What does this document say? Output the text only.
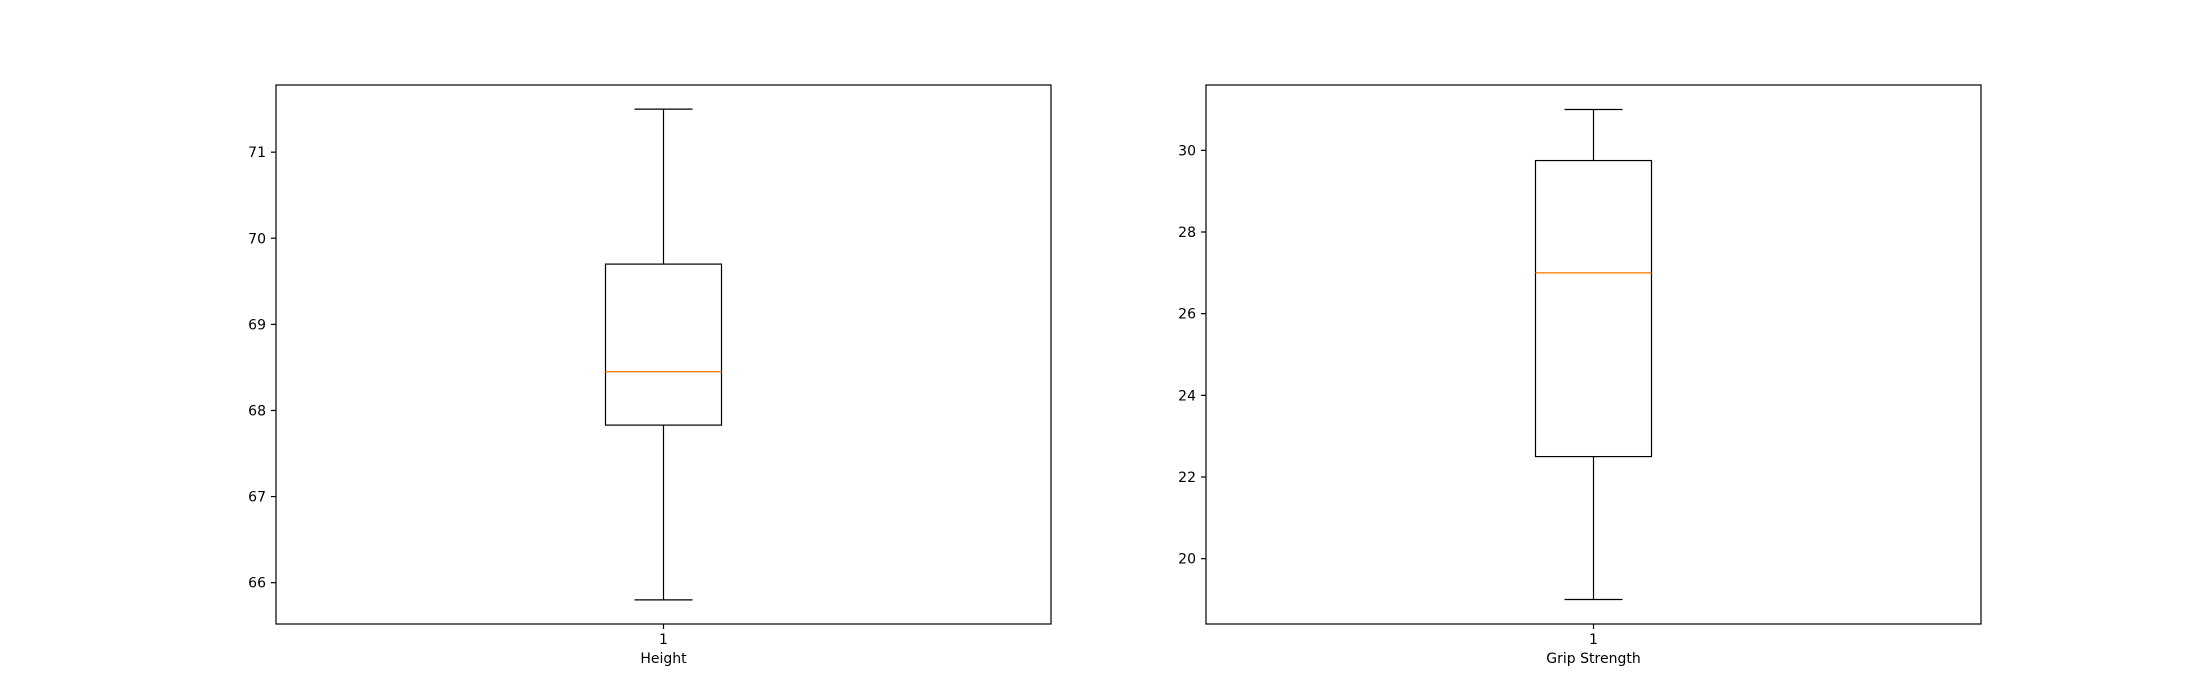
66
67
68
69
70
71
1
Height
20
22
24
26
28
30
1
Grip Strength
